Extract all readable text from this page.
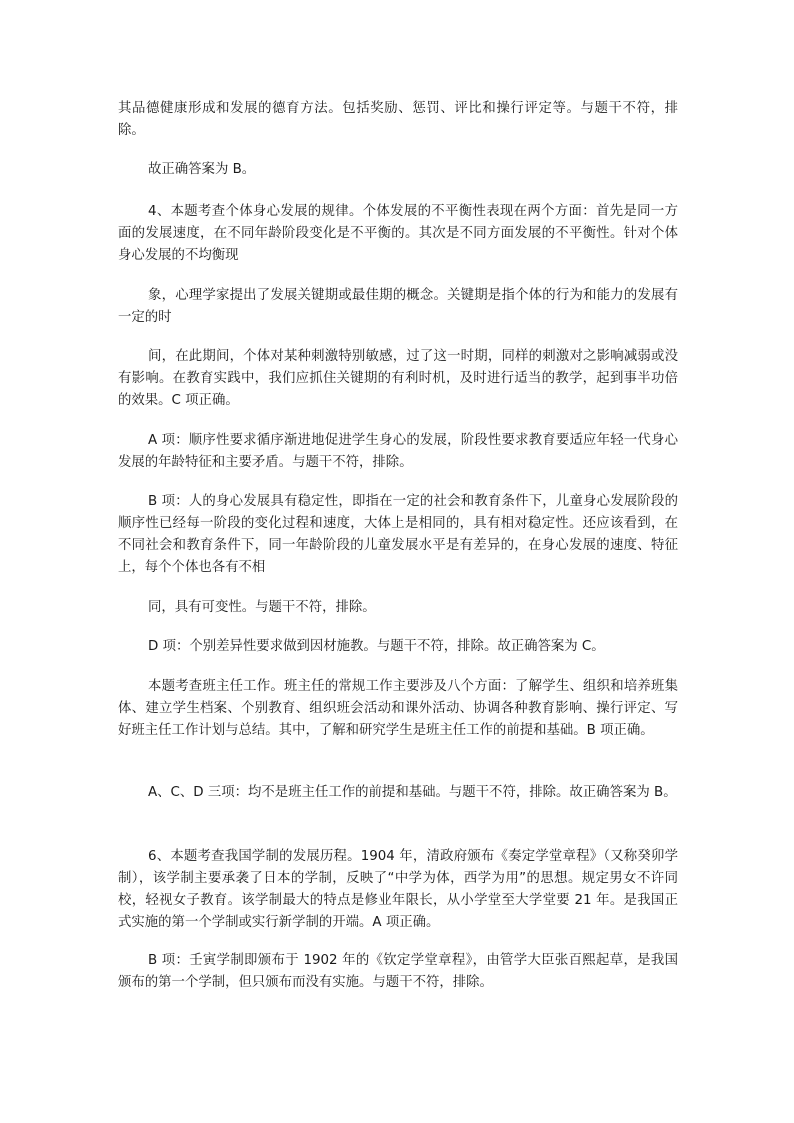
其品德健康形成和发展的德育方法。包括奖励、惩罚、评比和操行评定等。与题干不符，排除。

故正确答案为 B。

4、本题考查个体身心发展的规律。个体发展的不平衡性表现在两个方面：首先是同一方面的发展速度，在不同年龄阶段变化是不平衡的。其次是不同方面发展的不平衡性。针对个体身心发展的不均衡现

象，心理学家提出了发展关键期或最佳期的概念。关键期是指个体的行为和能力的发展有一定的时

间，在此期间，个体对某种刺激特别敏感，过了这一时期，同样的刺激对之影响减弱或没有影响。在教育实践中，我们应抓住关键期的有利时机，及时进行适当的教学，起到事半功倍的效果。C 项正确。

A 项：顺序性要求循序渐进地促进学生身心的发展，阶段性要求教育要适应年轻一代身心发展的年龄特征和主要矛盾。与题干不符，排除。

B 项：人的身心发展具有稳定性，即指在一定的社会和教育条件下，儿童身心发展阶段的顺序性已经每一阶段的变化过程和速度，大体上是相同的，具有相对稳定性。还应该看到，在不同社会和教育条件下，同一年龄阶段的儿童发展水平是有差异的，在身心发展的速度、特征上，每个个体也各有不相

同，具有可变性。与题干不符，排除。

D 项：个别差异性要求做到因材施教。与题干不符，排除。故正确答案为 C。

本题考查班主任工作。班主任的常规工作主要涉及八个方面：了解学生、组织和培养班集体、建立学生档案、个别教育、组织班会活动和课外活动、协调各种教育影响、操行评定、写好班主任工作计划与总结。其中，了解和研究学生是班主任工作的前提和基础。B 项正确。

A、C、D 三项：均不是班主任工作的前提和基础。与题干不符，排除。故正确答案为 B。

6、本题考查我国学制的发展历程。1904 年，清政府颁布《奏定学堂章程》（又称癸卯学制），该学制主要承袭了日本的学制，反映了“中学为体，西学为用”的思想。规定男女不许同校，轻视女子教育。该学制最大的特点是修业年限长，从小学堂至大学堂要 21 年。是我国正式实施的第一个学制或实行新学制的开端。A 项正确。

B 项：壬寅学制即颁布于 1902 年的《钦定学堂章程》，由管学大臣张百熙起草，是我国颁布的第一个学制，但只颁布而没有实施。与题干不符，排除。
